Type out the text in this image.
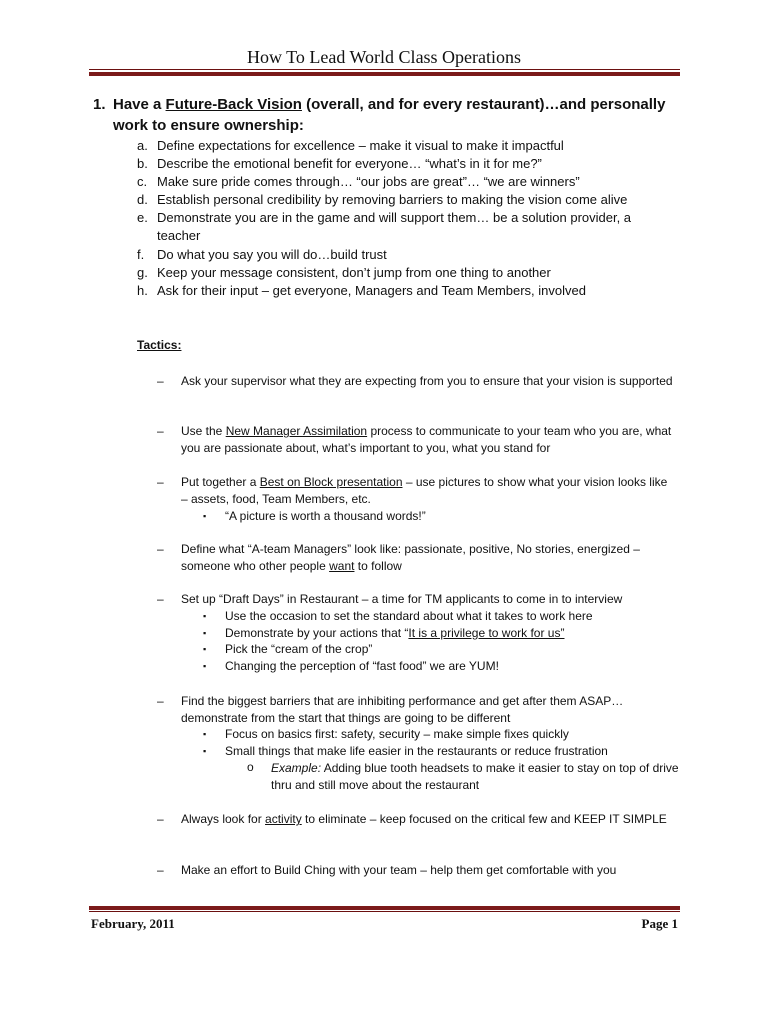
How To Lead World Class Operations
1. Have a Future-Back Vision (overall, and for every restaurant)…and personally work to ensure ownership:
a. Define expectations for excellence – make it visual to make it impactful
b. Describe the emotional benefit for everyone… “what’s in it for me?”
c. Make sure pride comes through… “our jobs are great”… “we are winners”
d. Establish personal credibility by removing barriers to making the vision come alive
e. Demonstrate you are in the game and will support them… be a solution provider, a teacher
f. Do what you say you will do…build trust
g. Keep your message consistent, don’t jump from one thing to another
h. Ask for their input – get everyone, Managers and Team Members, involved
Tactics:
– Ask your supervisor what they are expecting from you to ensure that your vision is supported
– Use the New Manager Assimilation process to communicate to your team who you are, what you are passionate about, what’s important to you, what you stand for
– Put together a Best on Block presentation – use pictures to show what your vision looks like – assets, food, Team Members, etc.
▪ “A picture is worth a thousand words!”
– Define what “A-team Managers” look like: passionate, positive, No stories, energized – someone who other people want to follow
– Set up “Draft Days” in Restaurant – a time for TM applicants to come in to interview
▪ Use the occasion to set the standard about what it takes to work here
▪ Demonstrate by your actions that “It is a privilege to work for us”
▪ Pick the “cream of the crop”
▪ Changing the perception of “fast food” we are YUM!
– Find the biggest barriers that are inhibiting performance and get after them ASAP… demonstrate from the start that things are going to be different
▪ Focus on basics first: safety, security – make simple fixes quickly
▪ Small things that make life easier in the restaurants or reduce frustration
o Example: Adding blue tooth headsets to make it easier to stay on top of drive thru and still move about the restaurant
– Always look for activity to eliminate – keep focused on the critical few and KEEP IT SIMPLE
– Make an effort to Build Ching with your team – help them get comfortable with you
February, 2011	Page 1
